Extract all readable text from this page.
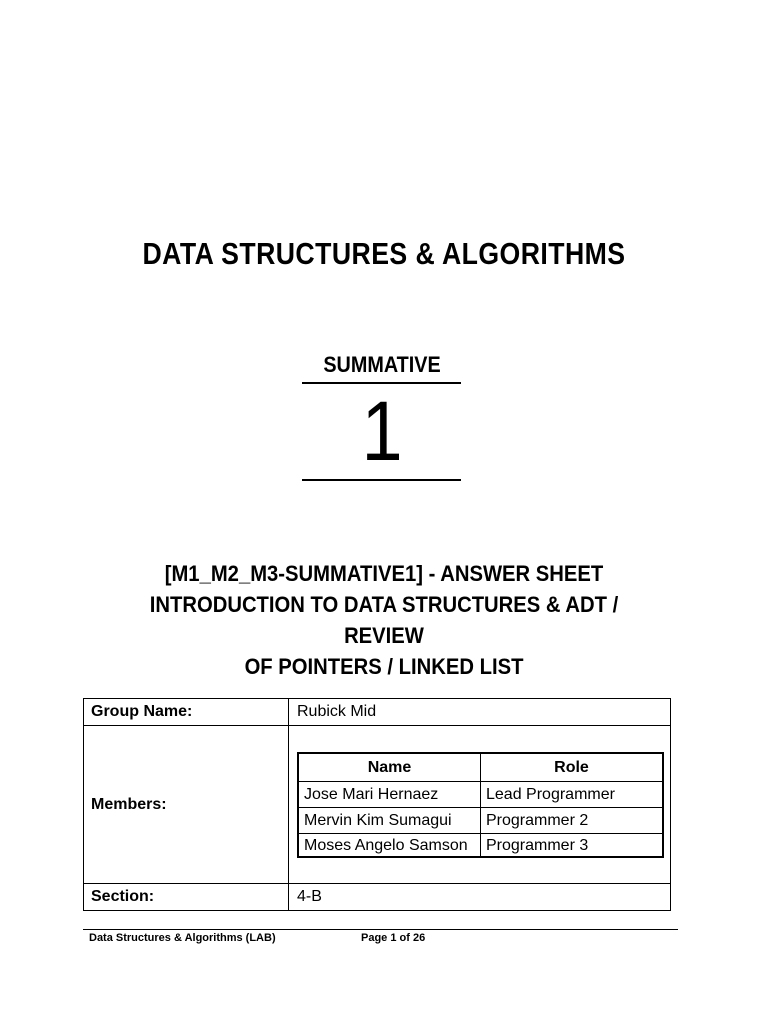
DATA STRUCTURES & ALGORITHMS
SUMMATIVE
1
[M1_M2_M3-SUMMATIVE1] - ANSWER SHEET
INTRODUCTION TO DATA STRUCTURES & ADT / REVIEW
OF POINTERS / LINKED LIST
Group Name:	Rubick Mid
Members:
Name	Role
Jose Mari Hernaez	Lead Programmer
Mervin Kim Sumagui	Programmer 2
Moses Angelo Samson	Programmer 3
Section:	4-B
Data Structures & Algorithms (LAB)	Page 1 of 26
